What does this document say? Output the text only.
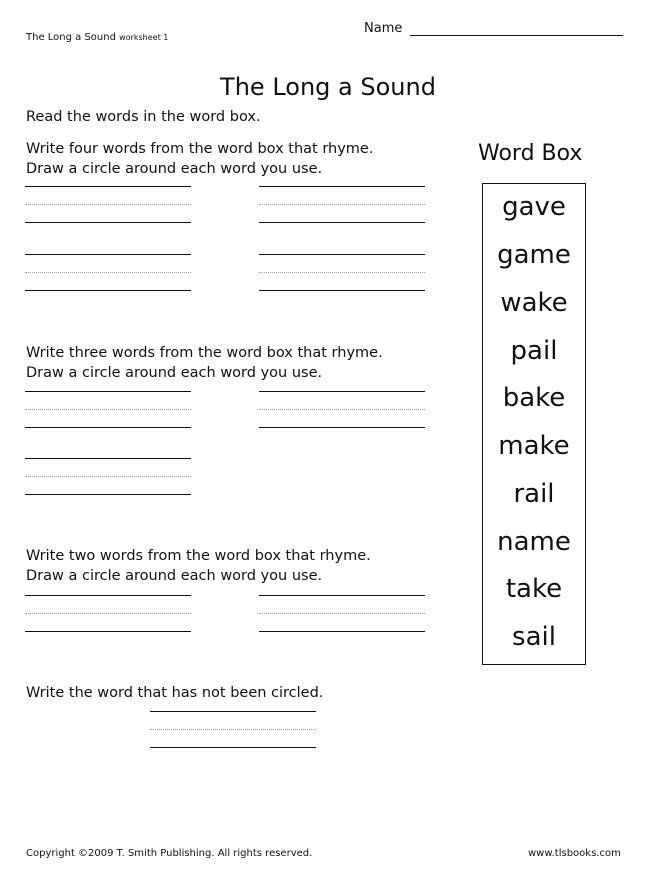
The Long a Sound worksheet 1
Name
The Long a Sound
Read the words in the word box.
Write four words from the word box that rhyme.
Draw a circle around each word you use.
Write three words from the word box that rhyme.
Draw a circle around each word you use.
Write two words from the word box that rhyme.
Draw a circle around each word you use.
Write the word that has not been circled.
Word Box
gave
game
wake
pail
bake
make
rail
name
take
sail
Copyright ©2009 T. Smith Publishing. All rights reserved.	www.tlsbooks.com
